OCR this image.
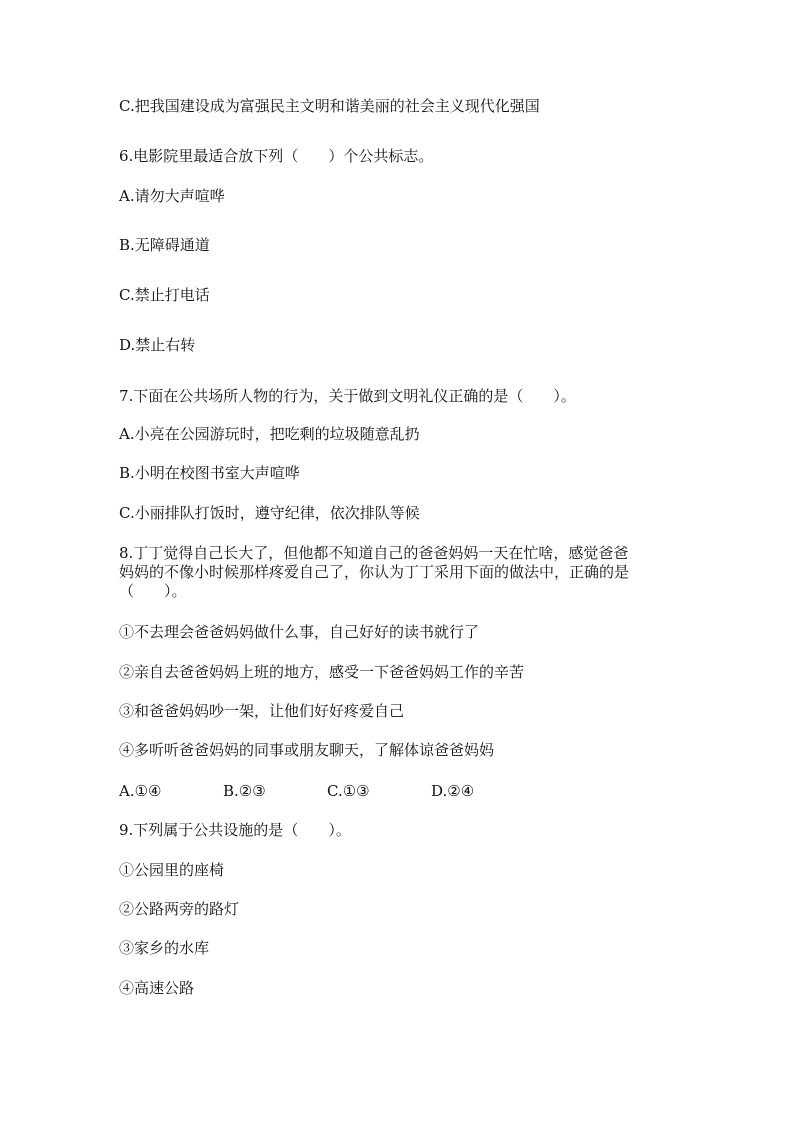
C.把我国建设成为富强民主文明和谐美丽的社会主义现代化强国
6.电影院里最适合放下列（　　）个公共标志。
A.请勿大声喧哗
B.无障碍通道
C.禁止打电话
D.禁止右转
7.下面在公共场所人物的行为，关于做到文明礼仪正确的是（　　）。
A.小亮在公园游玩时，把吃剩的垃圾随意乱扔
B.小明在校图书室大声喧哗
C.小丽排队打饭时，遵守纪律，依次排队等候
8.丁丁觉得自己长大了，但他都不知道自己的爸爸妈妈一天在忙啥，感觉爸爸
妈妈的不像小时候那样疼爱自己了，你认为丁丁采用下面的做法中，正确的是
（　　）。
①不去理会爸爸妈妈做什么事，自己好好的读书就行了
②亲自去爸爸妈妈上班的地方，感受一下爸爸妈妈工作的辛苦
③和爸爸妈妈吵一架，让他们好好疼爱自己
④多听听爸爸妈妈的同事或朋友聊天，了解体谅爸爸妈妈
A.①④	B.②③	C.①③	D.②④
9.下列属于公共设施的是（　　）。
①公园里的座椅
②公路两旁的路灯
③家乡的水库
④高速公路
